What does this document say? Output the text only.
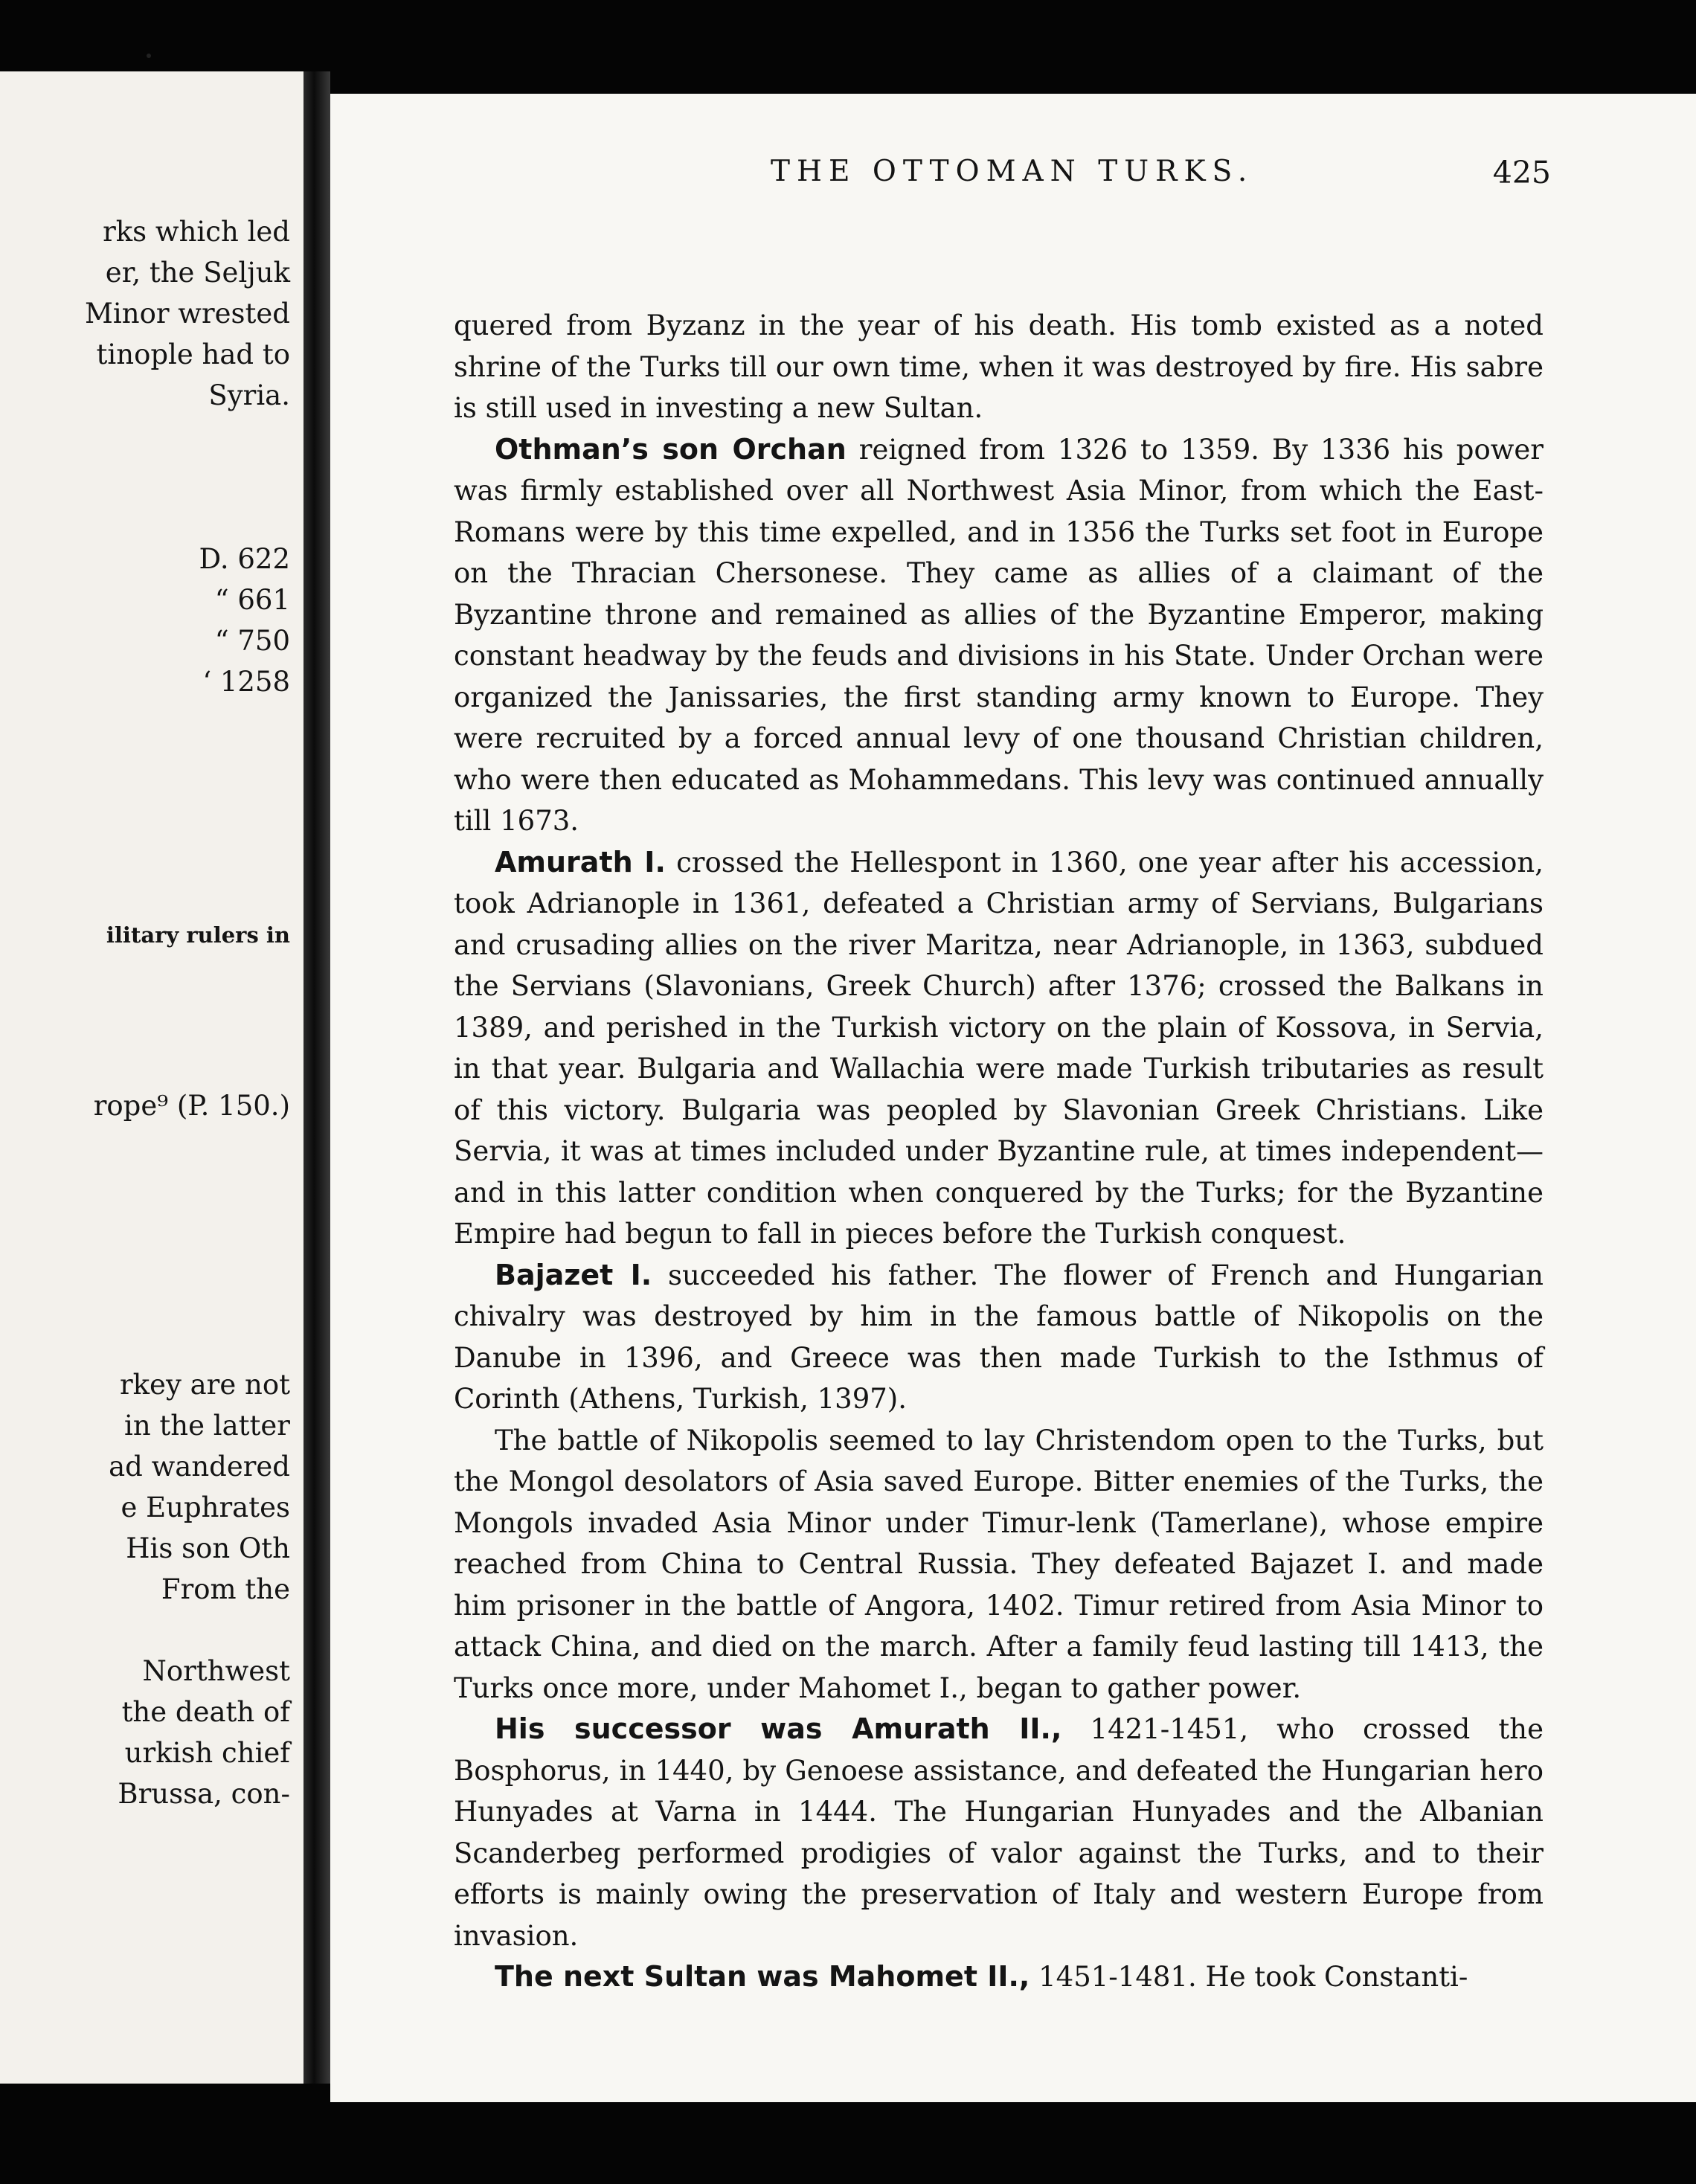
rks which led

er, the Seljuk

Minor wrested

tinople had to

Syria.

D. 622

“ 661

“ 750

‘ 1258

ilitary rulers in

rope⁹ (P. 150.)

rkey are not

in the latter

ad wandered

e Euphrates

His son Oth

From the

Northwest

the death of

urkish chief

Brussa, con-

THE OTTOMAN TURKS.	425

quered from Byzanz in the year of his death. His tomb existed as a noted shrine of the Turks till our own time, when it was destroyed by fire. His sabre is still used in investing a new Sultan.

Othman’s son Orchan reigned from 1326 to 1359. By 1336 his power was firmly established over all Northwest Asia Minor, from which the East-Romans were by this time expelled, and in 1356 the Turks set foot in Europe on the Thracian Chersonese. They came as allies of a claimant of the Byzantine throne and remained as allies of the Byzantine Emperor, making constant headway by the feuds and divisions in his State. Under Orchan were organized the Janissaries, the first standing army known to Europe. They were recruited by a forced annual levy of one thousand Christian children, who were then educated as Mohammedans. This levy was continued annually till 1673.

Amurath I. crossed the Hellespont in 1360, one year after his accession, took Adrianople in 1361, defeated a Christian army of Servians, Bulgarians and crusading allies on the river Maritza, near Adrianople, in 1363, subdued the Servians (Slavonians, Greek Church) after 1376; crossed the Balkans in 1389, and perished in the Turkish victory on the plain of Kossova, in Servia, in that year. Bulgaria and Wallachia were made Turkish tributaries as result of this victory. Bulgaria was peopled by Slavonian Greek Christians. Like Servia, it was at times included under Byzantine rule, at times independent—and in this latter condition when conquered by the Turks; for the Byzantine Empire had begun to fall in pieces before the Turkish conquest.

Bajazet I. succeeded his father. The flower of French and Hungarian chivalry was destroyed by him in the famous battle of Nikopolis on the Danube in 1396, and Greece was then made Turkish to the Isthmus of Corinth (Athens, Turkish, 1397).

The battle of Nikopolis seemed to lay Christendom open to the Turks, but the Mongol desolators of Asia saved Europe. Bitter enemies of the Turks, the Mongols invaded Asia Minor under Timur-lenk (Tamerlane), whose empire reached from China to Central Russia. They defeated Bajazet I. and made him prisoner in the battle of Angora, 1402. Timur retired from Asia Minor to attack China, and died on the march. After a family feud lasting till 1413, the Turks once more, under Mahomet I., began to gather power.

His successor was Amurath II., 1421-1451, who crossed the Bosphorus, in 1440, by Genoese assistance, and defeated the Hungarian hero Hunyades at Varna in 1444. The Hungarian Hunyades and the Albanian Scanderbeg performed prodigies of valor against the Turks, and to their efforts is mainly owing the preservation of Italy and western Europe from invasion.

The next Sultan was Mahomet II., 1451-1481. He took Constanti-
